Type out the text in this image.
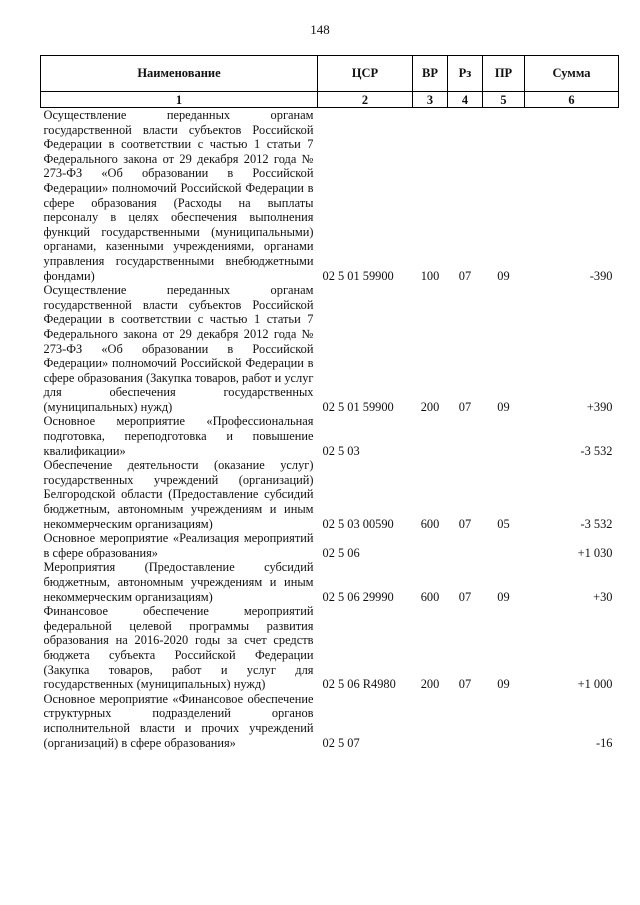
148
Наименование	ЦСР	ВР	Рз	ПР	Сумма
1	2	3	4	5	6
Осуществление переданных органам государственной власти субъектов Российской Федерации в соответствии с частью 1 статьи 7 Федерального закона от 29 декабря 2012 года № 273-ФЗ «Об образовании в Российской Федерации» полномочий Российской Федерации в сфере образования (Расходы на выплаты персоналу в целях обеспечения выполнения функций государственными (муниципальными) органами, казенными учреждениями, органами управления государственными внебюджетными фондами)	02 5 01 59900	100	07	09	-390
Осуществление переданных органам государственной власти субъектов Российской Федерации в соответствии с частью 1 статьи 7 Федерального закона от 29 декабря 2012 года № 273-ФЗ «Об образовании в Российской Федерации» полномочий Российской Федерации в сфере образования (Закупка товаров, работ и услуг для обеспечения государственных (муниципальных) нужд)	02 5 01 59900	200	07	09	+390
Основное мероприятие «Профессиональная подготовка, переподготовка и повышение квалификации»	02 5 03				-3 532
Обеспечение деятельности (оказание услуг) государственных учреждений (организаций) Белгородской области (Предоставление субсидий бюджетным, автономным учреждениям и иным некоммерческим организациям)	02 5 03 00590	600	07	05	-3 532
Основное мероприятие «Реализация мероприятий в сфере образования»	02 5 06				+1 030
Мероприятия (Предоставление субсидий бюджетным, автономным учреждениям и иным некоммерческим организациям)	02 5 06 29990	600	07	09	+30
Финансовое обеспечение мероприятий федеральной целевой программы развития образования на 2016-2020 годы за счет средств бюджета субъекта Российской Федерации (Закупка товаров, работ и услуг для государственных (муниципальных) нужд)	02 5 06 R4980	200	07	09	+1 000
Основное мероприятие «Финансовое обеспечение структурных подразделений органов исполнительной власти и прочих учреждений (организаций) в сфере образования»	02 5 07				-16
